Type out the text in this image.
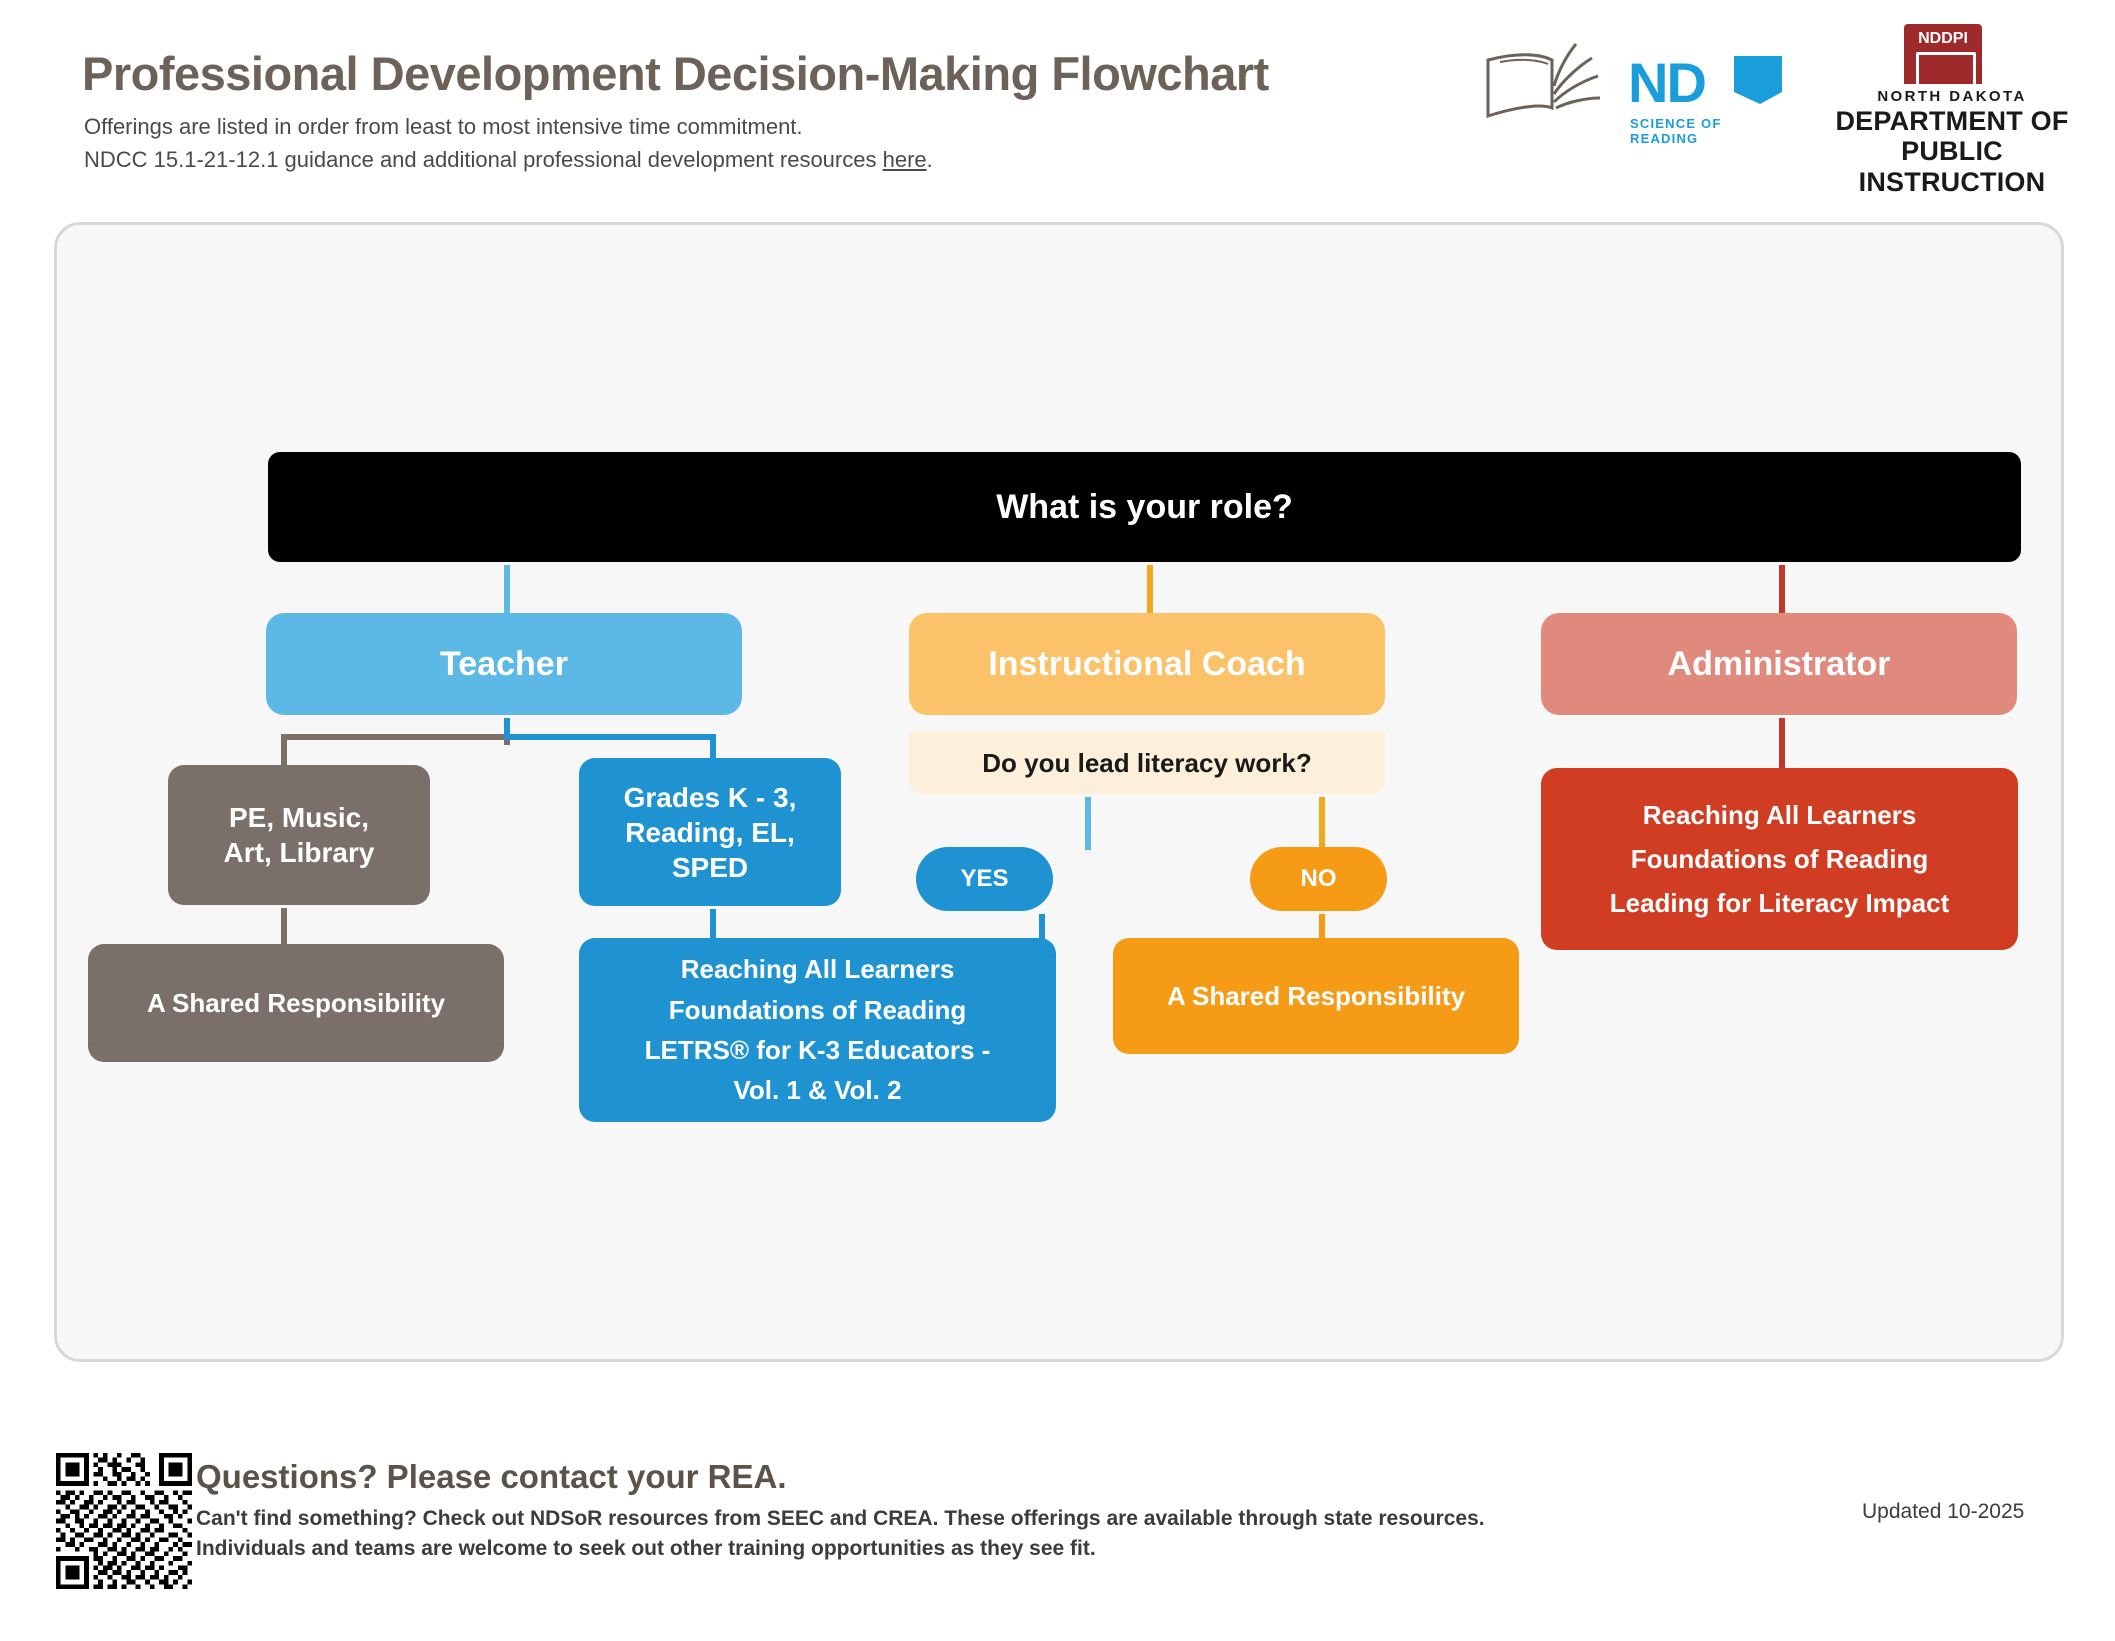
Professional Development Decision-Making Flowchart
Offerings are listed in order from least to most intensive time commitment.
NDCC 15.1-21-12.1 guidance and additional professional development resources here.
ND
SCIENCE OF READING
NDDPI
NORTH DAKOTA
DEPARTMENT OF
PUBLIC INSTRUCTION
What is your role?
Teacher	Instructional Coach	Administrator
Do you lead literacy work?
PE, Music,
Art, Library
Grades K - 3,
Reading, EL,
SPED	YES	NO
A Shared Responsibility
Reaching All Learners
Foundations of Reading
LETRS® for K-3 Educators -
Vol. 1 & Vol. 2
A Shared Responsibility
Reaching All Learners
Foundations of Reading
Leading for Literacy Impact
Questions? Please contact your REA.
Can't find something? Check out NDSoR resources from SEEC and CREA. These offerings are available through state resources. Individuals and teams are welcome to seek out other training opportunities as they see fit.
Updated 10-2025
